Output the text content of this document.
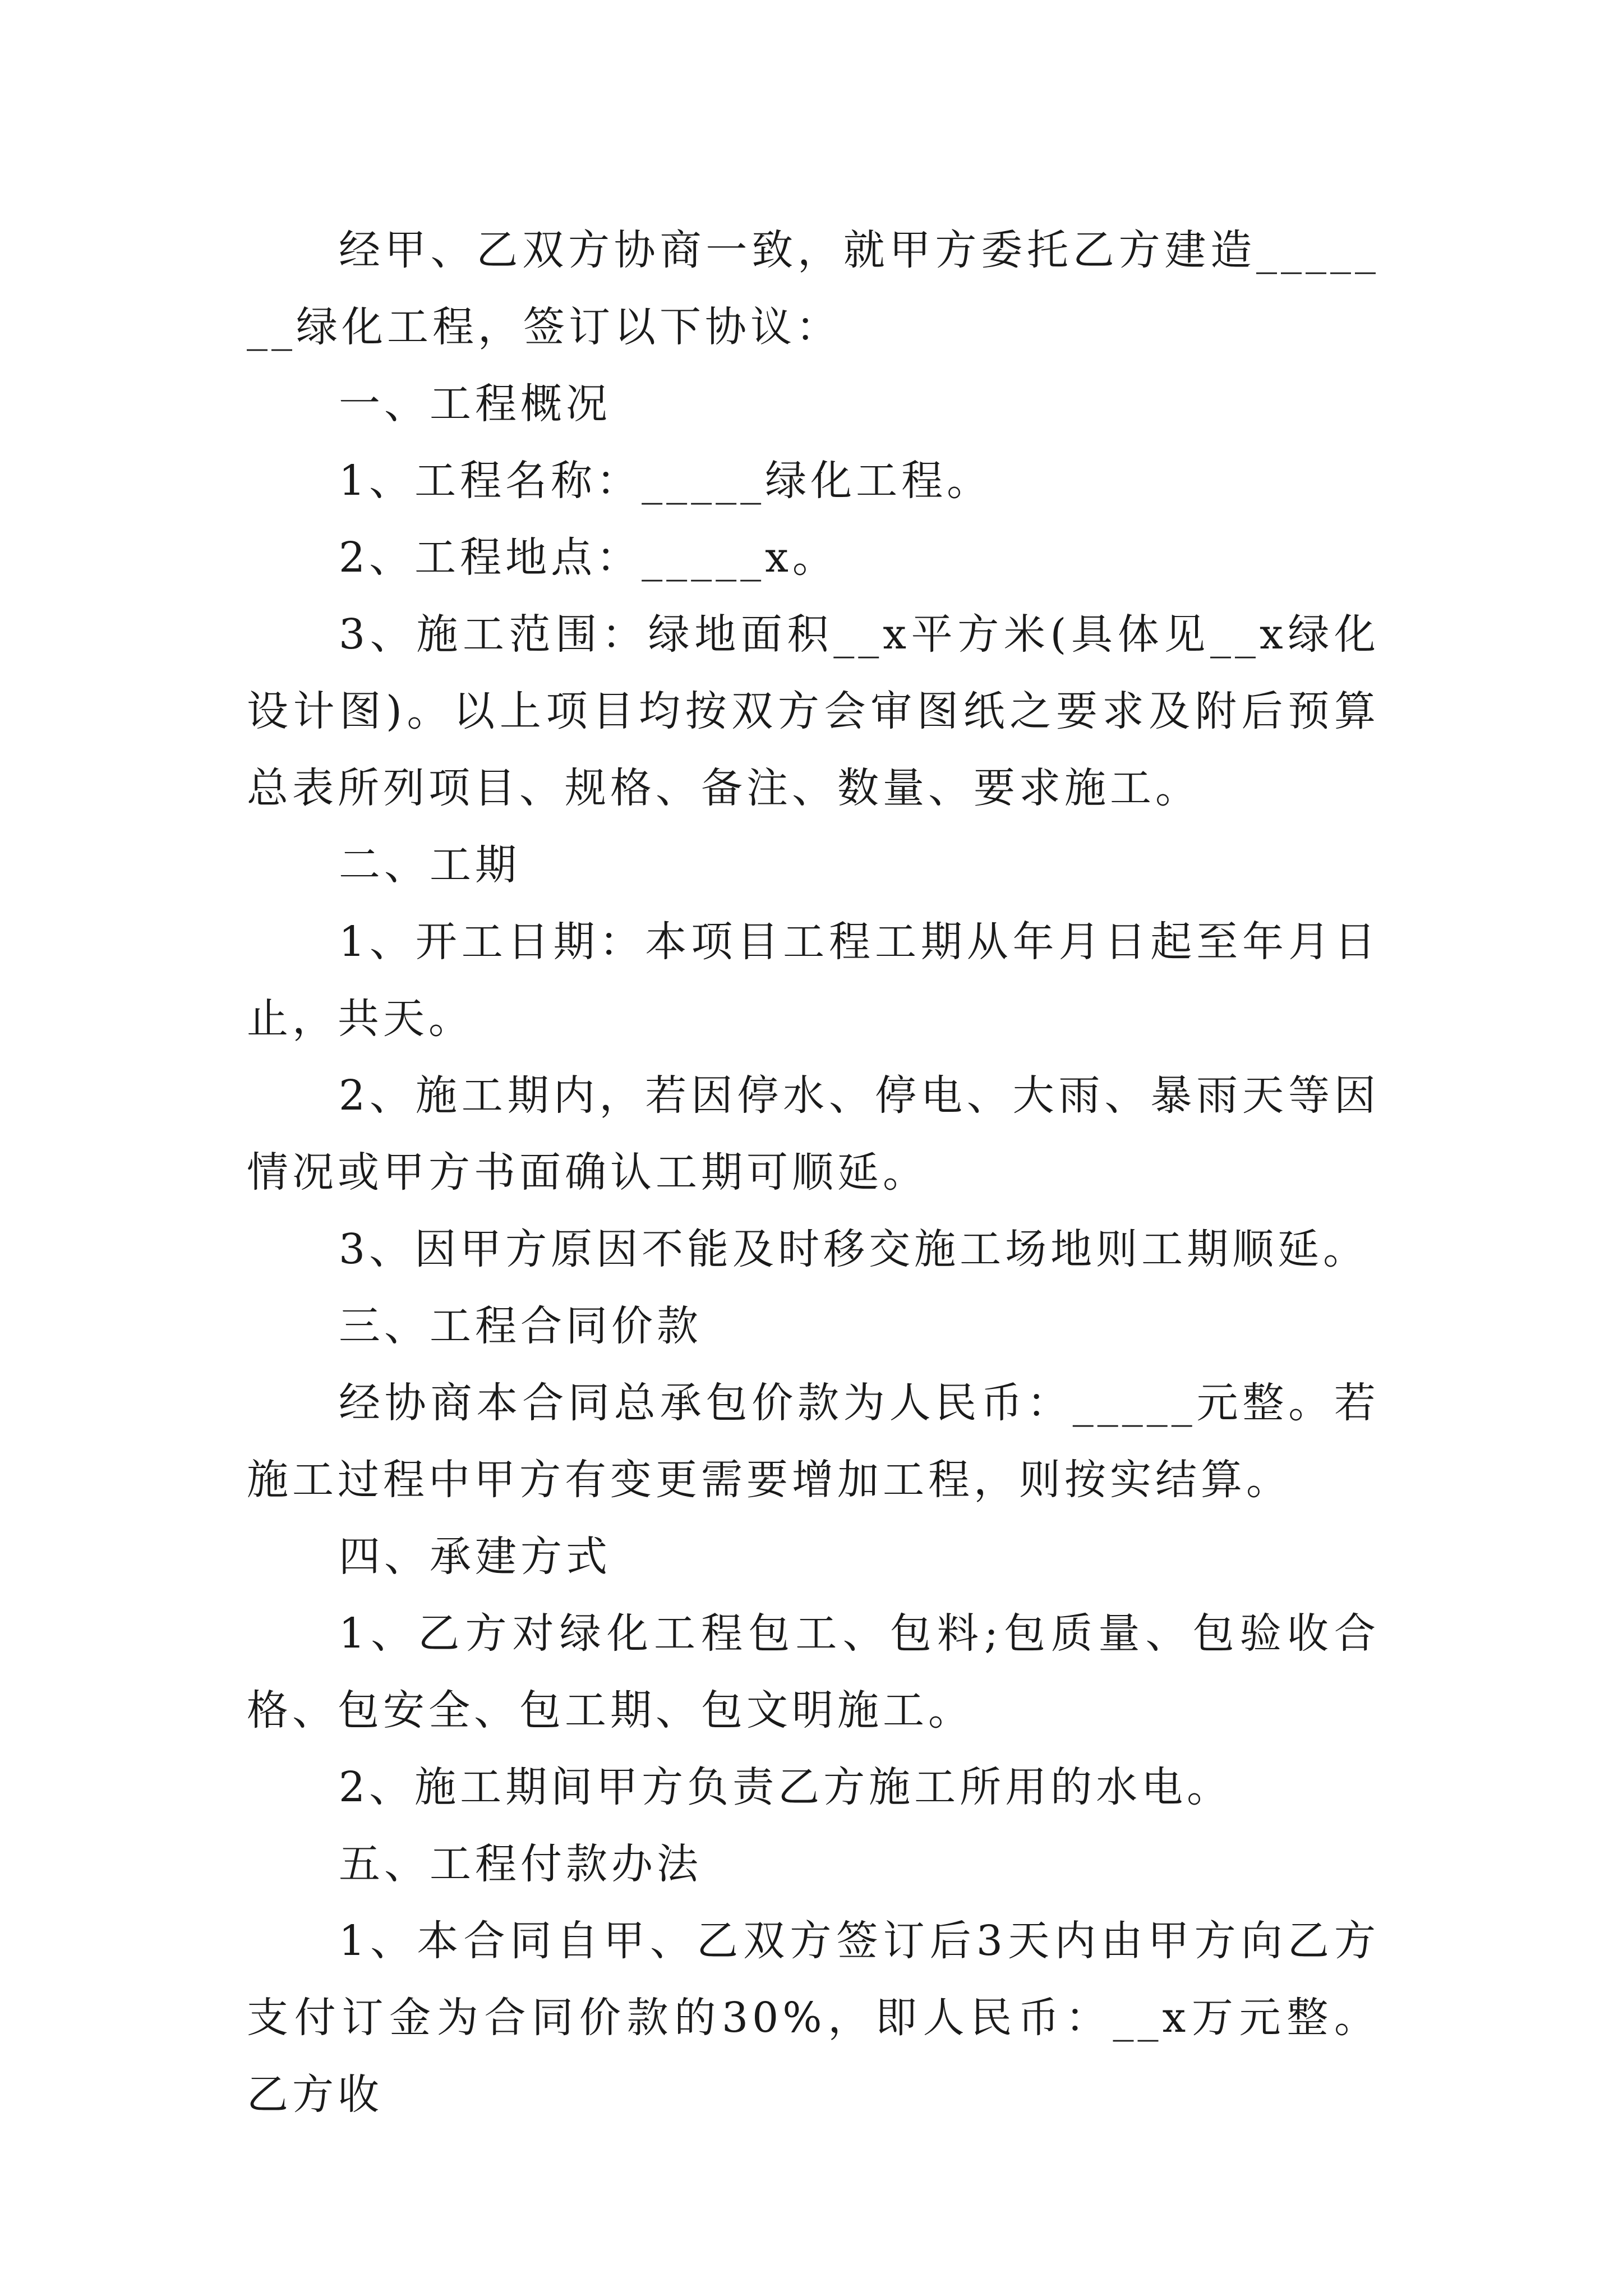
经甲、乙双方协商一致，就甲方委托乙方建造_______绿化工程，签订以下协议：

一、工程概况

1、工程名称：_____绿化工程。

2、工程地点：_____x。

3、施工范围：绿地面积__x平方米(具体见__x绿化设计图)。以上项目均按双方会审图纸之要求及附后预算总表所列项目、规格、备注、数量、要求施工。

二、工期

1、开工日期：本项目工程工期从年月日起至年月日止，共天。

2、施工期内，若因停水、停电、大雨、暴雨天等因情况或甲方书面确认工期可顺延。

3、因甲方原因不能及时移交施工场地则工期顺延。

三、工程合同价款

经协商本合同总承包价款为人民币：_____元整。若施工过程中甲方有变更需要增加工程，则按实结算。

四、承建方式

1、乙方对绿化工程包工、包料;包质量、包验收合格、包安全、包工期、包文明施工。

2、施工期间甲方负责乙方施工所用的水电。

五、工程付款办法

1、本合同自甲、乙双方签订后3天内由甲方向乙方支付订金为合同价款的30%，即人民币：__x万元整。乙方收
